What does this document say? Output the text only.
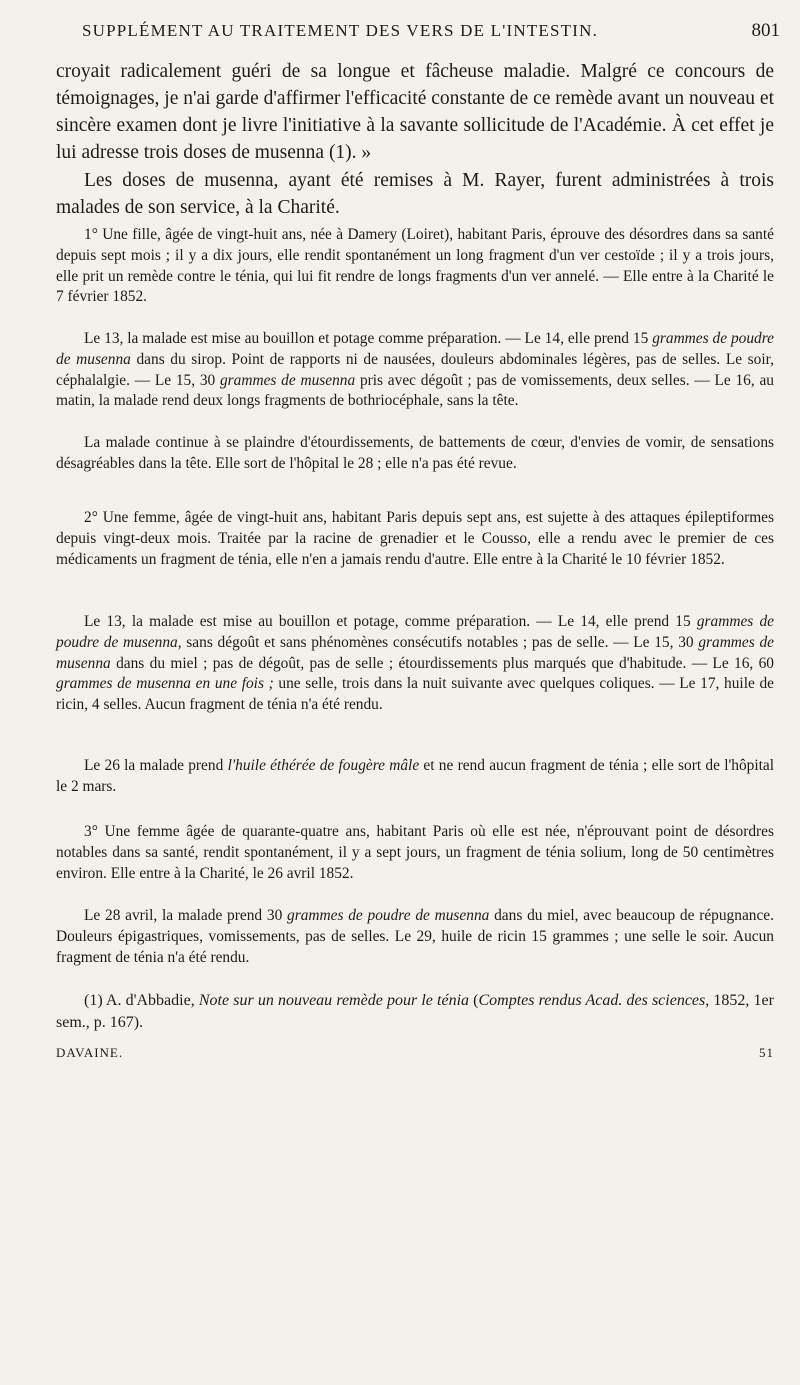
SUPPLÉMENT AU TRAITEMENT DES VERS DE L'INTESTIN.	801

croyait radicalement guéri de sa longue et fâcheuse maladie. Malgré ce concours de témoignages, je n'ai garde d'affirmer l'efficacité constante de ce remède avant un nouveau et sincère examen dont je livre l'initiative à la savante sollicitude de l'Académie. À cet effet je lui adresse trois doses de musenna (1). »

Les doses de musenna, ayant été remises à M. Rayer, furent administrées à trois malades de son service, à la Charité.

1° Une fille, âgée de vingt-huit ans, née à Damery (Loiret), habitant Paris, éprouve des désordres dans sa santé depuis sept mois ; il y a dix jours, elle rendit spontanément un long fragment d'un ver cestoïde ; il y a trois jours, elle prit un remède contre le ténia, qui lui fit rendre de longs fragments d'un ver annelé. — Elle entre à la Charité le 7 février 1852.

Le 13, la malade est mise au bouillon et potage comme préparation. — Le 14, elle prend 15 grammes de poudre de musenna dans du sirop. Point de rapports ni de nausées, douleurs abdominales légères, pas de selles. Le soir, céphalalgie. — Le 15, 30 grammes de musenna pris avec dégoût ; pas de vomissements, deux selles. — Le 16, au matin, la malade rend deux longs fragments de bothriocéphale, sans la tête.

La malade continue à se plaindre d'étourdissements, de battements de cœur, d'envies de vomir, de sensations désagréables dans la tête. Elle sort de l'hôpital le 28 ; elle n'a pas été revue.

2° Une femme, âgée de vingt-huit ans, habitant Paris depuis sept ans, est sujette à des attaques épileptiformes depuis vingt-deux mois. Traitée par la racine de grenadier et le Cousso, elle a rendu avec le premier de ces médicaments un fragment de ténia, elle n'en a jamais rendu d'autre. Elle entre à la Charité le 10 février 1852.

Le 13, la malade est mise au bouillon et potage, comme préparation. — Le 14, elle prend 15 grammes de poudre de musenna, sans dégoût et sans phénomènes consécutifs notables ; pas de selle. — Le 15, 30 grammes de musenna dans du miel ; pas de dégoût, pas de selle ; étourdissements plus marqués que d'habitude. — Le 16, 60 grammes de musenna en une fois ; une selle, trois dans la nuit suivante avec quelques coliques. — Le 17, huile de ricin, 4 selles. Aucun fragment de ténia n'a été rendu.

Le 26 la malade prend l'huile éthérée de fougère mâle et ne rend aucun fragment de ténia ; elle sort de l'hôpital le 2 mars.

3° Une femme âgée de quarante-quatre ans, habitant Paris où elle est née, n'éprouvant point de désordres notables dans sa santé, rendit spontanément, il y a sept jours, un fragment de ténia solium, long de 50 centimètres environ. Elle entre à la Charité, le 26 avril 1852.

Le 28 avril, la malade prend 30 grammes de poudre de musenna dans du miel, avec beaucoup de répugnance. Douleurs épigastriques, vomissements, pas de selles. Le 29, huile de ricin 15 grammes ; une selle le soir. Aucun fragment de ténia n'a été rendu.

(1) A. d'Abbadie, Note sur un nouveau remède pour le ténia (Comptes rendus Acad. des sciences, 1852, 1er sem., p. 167).

DAVAINE.	51
